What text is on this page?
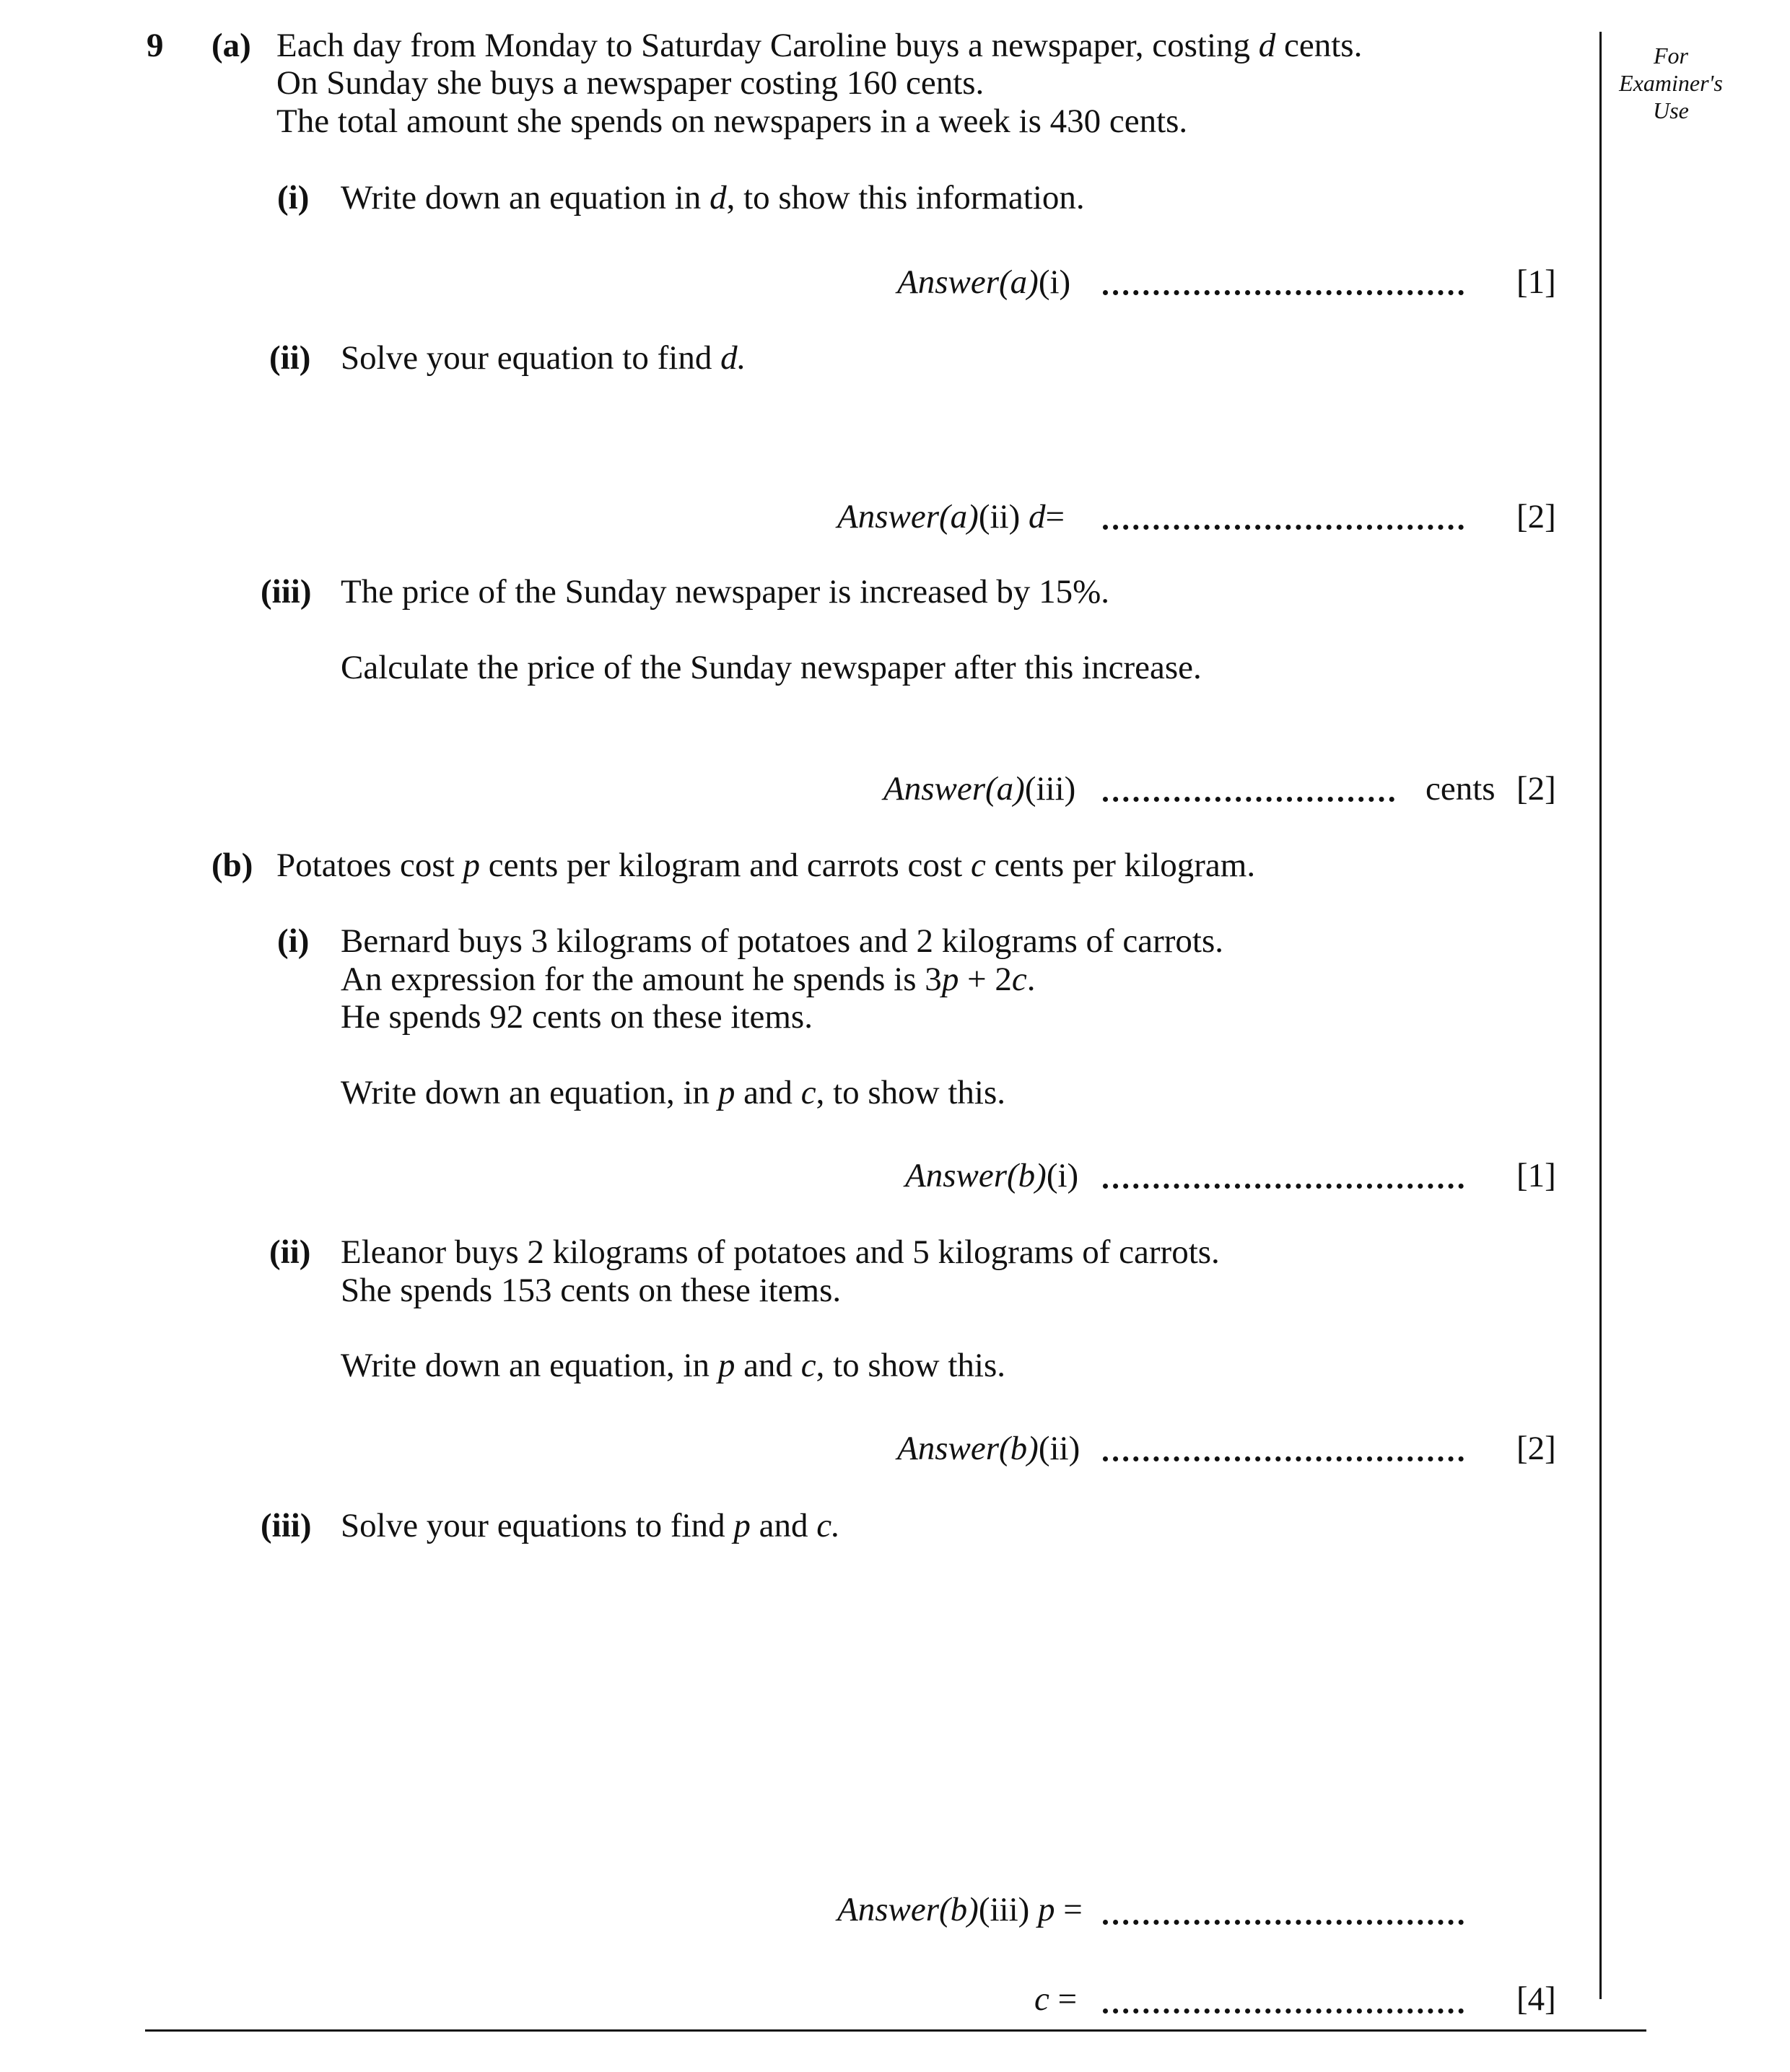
9	For
Examiner's
Use
(a) Each day from Monday to Saturday Caroline buys a newspaper, costing d cents.
On Sunday she buys a newspaper costing 160 cents.
The total amount she spends on newspapers in a week is 430 cents.
(i) Write down an equation in d, to show this information.
Answer(a)(i)	[1]
(ii) Solve your equation to find d.
Answer(a)(ii) d=	[2]
(iii) The price of the Sunday newspaper is increased by 15%.
Calculate the price of the Sunday newspaper after this increase.
Answer(a)(iii)	cents [2]
(b) Potatoes cost p cents per kilogram and carrots cost c cents per kilogram.
(i) Bernard buys 3 kilograms of potatoes and 2 kilograms of carrots.
An expression for the amount he spends is 3p + 2c.
He spends 92 cents on these items.
Write down an equation, in p and c, to show this.
Answer(b)(i)	[1]
(ii) Eleanor buys 2 kilograms of potatoes and 5 kilograms of carrots.
She spends 153 cents on these items.
Write down an equation, in p and c, to show this.
Answer(b)(ii)	[2]
(iii) Solve your equations to find p and c.
Answer(b)(iii) p =
c =	[4]
